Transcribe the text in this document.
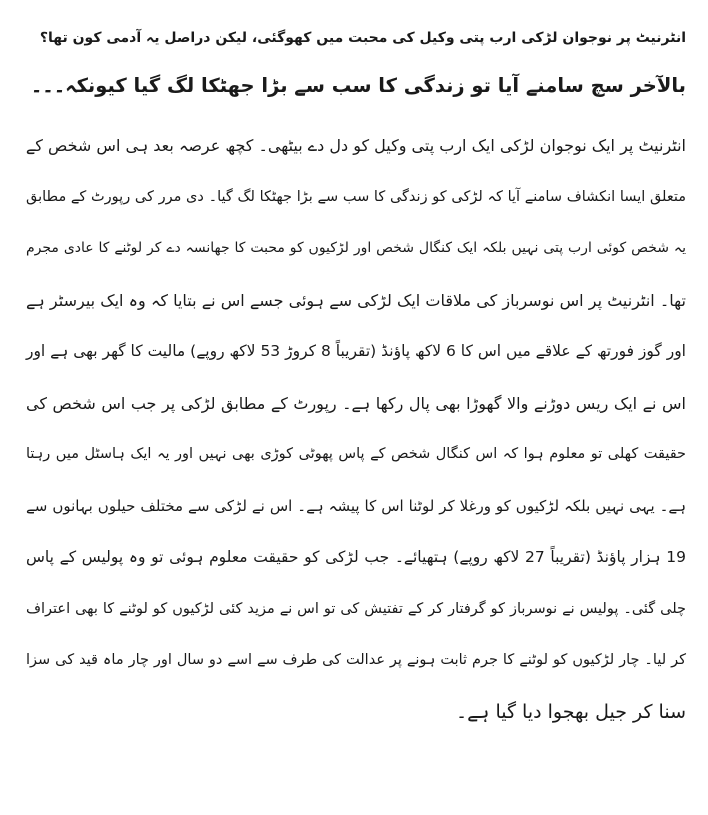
انٹرنیٹ پر نوجوان لڑکی ارب پتی وکیل کی محبت میں کھوگئی، لیکن دراصل یہ آدمی کون تھا؟
بالآخر سچ سامنے آیا تو زندگی کا سب سے بڑا جھٹکا لگ گیا کیونکہ۔۔۔
انٹرنیٹ پر ایک نوجوان لڑکی ایک ارب پتی وکیل کو دل دے بیٹھی۔ کچھ عرصہ بعد ہی اس شخص کے
متعلق ایسا انکشاف سامنے آیا کہ لڑکی کو زندگی کا سب سے بڑا جھٹکا لگ گیا۔ دی مرر کی رپورٹ کے مطابق
یہ شخص کوئی ارب پتی نہیں بلکہ ایک کنگال شخص اور لڑکیوں کو محبت کا جھانسہ دے کر لوٹنے کا عادی مجرم
تھا۔ انٹرنیٹ پر اس نوسرباز کی ملاقات ایک لڑکی سے ہوئی جسے اس نے بتایا کہ وہ ایک بیرسٹر ہے
اور گوز فورتھ کے علاقے میں اس کا 6 لاکھ پاﺅنڈ (تقریباً 8 کروڑ 53 لاکھ روپے) مالیت کا گھر بھی ہے اور
اس نے ایک ریس دوڑنے والا گھوڑا بھی پال رکھا ہے۔ رپورٹ کے مطابق لڑکی پر جب اس شخص کی
حقیقت کھلی تو معلوم ہوا کہ اس کنگال شخص کے پاس پھوٹی کوڑی بھی نہیں اور یہ ایک ہاسٹل میں رہتا
ہے۔ یہی نہیں بلکہ لڑکیوں کو ورغلا کر لوٹنا اس کا پیشہ ہے۔ اس نے لڑکی سے مختلف حیلوں بہانوں سے
19 ہزار پاﺅنڈ (تقریباً 27 لاکھ روپے) ہتھیائے۔ جب لڑکی کو حقیقت معلوم ہوئی تو وہ پولیس کے پاس
چلی گئی۔ پولیس نے نوسرباز کو گرفتار کر کے تفتیش کی تو اس نے مزید کئی لڑکیوں کو لوٹنے کا بھی اعتراف
کر لیا۔ چار لڑکیوں کو لوٹنے کا جرم ثابت ہونے پر عدالت کی طرف سے اسے دو سال اور چار ماہ قید کی سزا
سنا کر جیل بھجوا دیا گیا ہے۔
